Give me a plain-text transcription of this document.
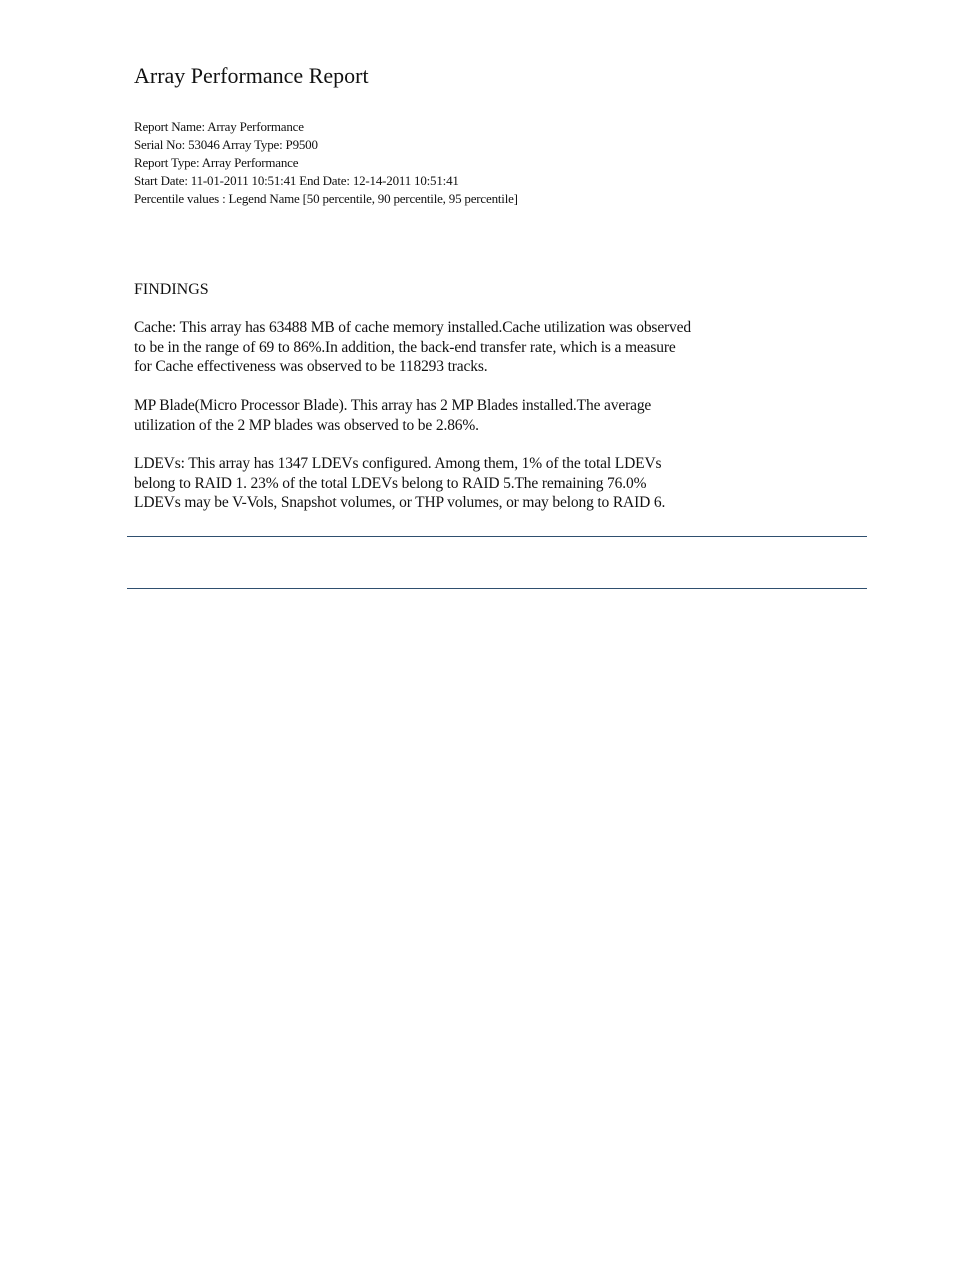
Array Performance Report
Report Name: Array Performance
Serial No: 53046 Array Type: P9500
Report Type: Array Performance
Start Date: 11-01-2011 10:51:41 End Date: 12-14-2011 10:51:41
Percentile values : Legend Name [50 percentile, 90 percentile, 95 percentile]
FINDINGS

Cache: This array has 63488 MB of cache memory installed.Cache utilization was observed
to be in the range of 69 to 86%.In addition, the back-end transfer rate, which is a measure
for Cache effectiveness was observed to be 118293 tracks.

MP Blade(Micro Processor Blade). This array has 2 MP Blades installed.The average
utilization of the 2 MP blades was observed to be 2.86%.

LDEVs: This array has 1347 LDEVs configured. Among them, 1% of the total LDEVs
belong to RAID 1. 23% of the total LDEVs belong to RAID 5.The remaining 76.0%
LDEVs may be V-Vols, Snapshot volumes, or THP volumes, or may belong to RAID 6.
